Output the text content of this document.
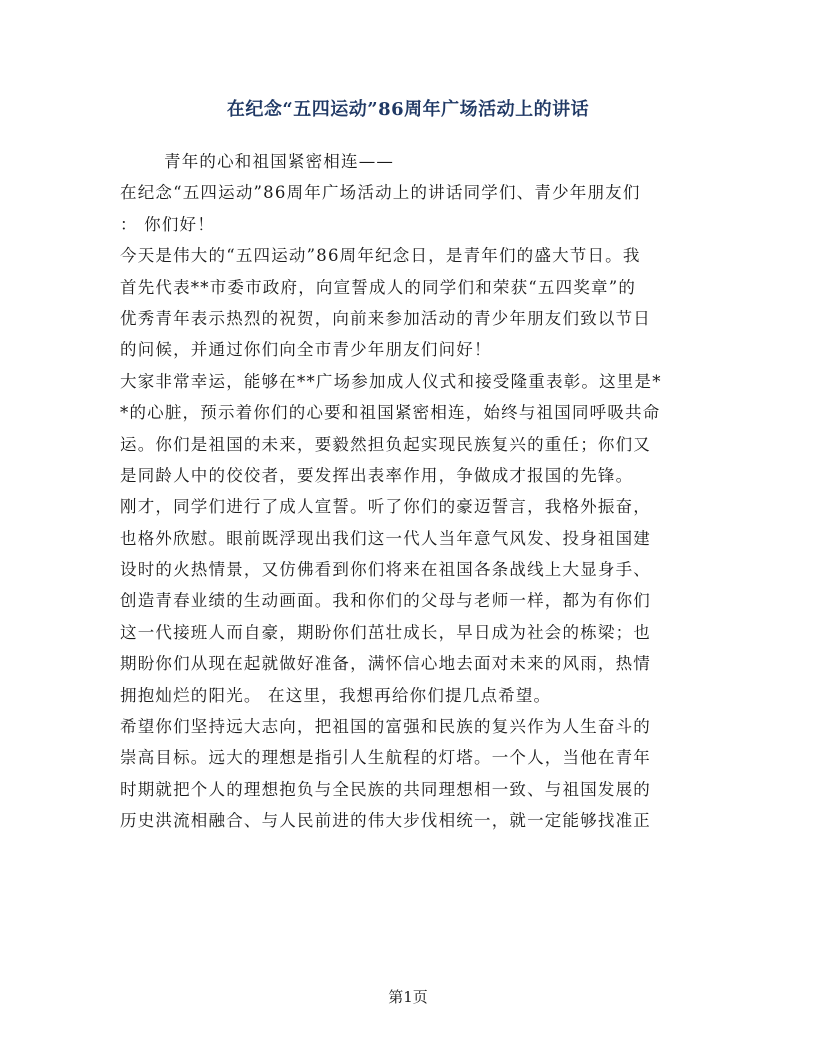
在纪念“五四运动”86周年广场活动上的讲话
青年的心和祖国紧密相连——
在纪念“五四运动”86周年广场活动上的讲话同学们、青少年朋友们
： 你们好！
今天是伟大的“五四运动”86周年纪念日，是青年们的盛大节日。我
首先代表**市委市政府，向宣誓成人的同学们和荣获“五四奖章”的
优秀青年表示热烈的祝贺，向前来参加活动的青少年朋友们致以节日
的问候，并通过你们向全市青少年朋友们问好！
大家非常幸运，能够在**广场参加成人仪式和接受隆重表彰。这里是*
*的心脏，预示着你们的心要和祖国紧密相连，始终与祖国同呼吸共命
运。你们是祖国的未来，要毅然担负起实现民族复兴的重任；你们又
是同龄人中的佼佼者，要发挥出表率作用，争做成才报国的先锋。
刚才，同学们进行了成人宣誓。听了你们的豪迈誓言，我格外振奋，
也格外欣慰。眼前既浮现出我们这一代人当年意气风发、投身祖国建
设时的火热情景，又仿佛看到你们将来在祖国各条战线上大显身手、
创造青春业绩的生动画面。我和你们的父母与老师一样，都为有你们
这一代接班人而自豪，期盼你们茁壮成长，早日成为社会的栋梁；也
期盼你们从现在起就做好准备，满怀信心地去面对未来的风雨，热情
拥抱灿烂的阳光。 在这里，我想再给你们提几点希望。
希望你们坚持远大志向，把祖国的富强和民族的复兴作为人生奋斗的
崇高目标。远大的理想是指引人生航程的灯塔。一个人，当他在青年
时期就把个人的理想抱负与全民族的共同理想相一致、与祖国发展的
历史洪流相融合、与人民前进的伟大步伐相统一，就一定能够找准正
第1页
